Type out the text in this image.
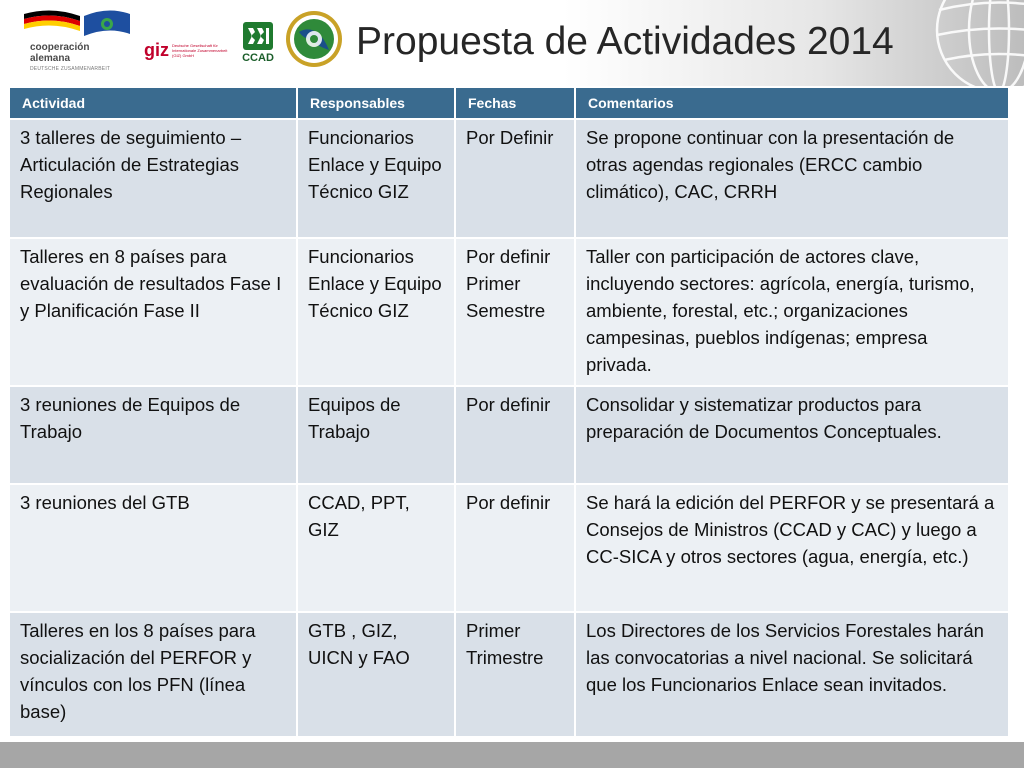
cooperación
alemana
DEUTSCHE ZUSAMMENARBEIT
giz Deutsche Gesellschaft für Internationale Zusammenarbeit (GIZ) GmbH	CCAD Propuesta de Actividades 2014
Actividad	Responsables	Fechas	Comentarios
3 talleres de seguimiento – Articulación de Estrategias Regionales	Funcionarios Enlace y Equipo Técnico GIZ	Por Definir	Se propone continuar con la presentación de otras agendas regionales (ERCC cambio climático), CAC, CRRH
Talleres en 8 países para evaluación de resultados Fase I y Planificación Fase II	Funcionarios Enlace y Equipo Técnico GIZ	Por definir Primer Semestre	Taller con participación de actores clave, incluyendo sectores: agrícola, energía, turismo, ambiente, forestal, etc.; organizaciones campesinas, pueblos indígenas; empresa privada.
3 reuniones de Equipos de Trabajo	Equipos de Trabajo	Por definir	Consolidar y sistematizar productos para preparación de Documentos Conceptuales.
3 reuniones del GTB	CCAD, PPT, GIZ	Por definir	Se hará la edición del PERFOR y se presentará a Consejos de Ministros (CCAD y CAC) y luego a CC-SICA y otros sectores (agua, energía, etc.)
Talleres en los 8 países para socialización del PERFOR y vínculos con los PFN (línea base)	GTB , GIZ, UICN y FAO	Primer Trimestre	Los Directores de los Servicios Forestales harán las convocatorias a nivel nacional. Se solicitará que los Funcionarios Enlace sean invitados.
